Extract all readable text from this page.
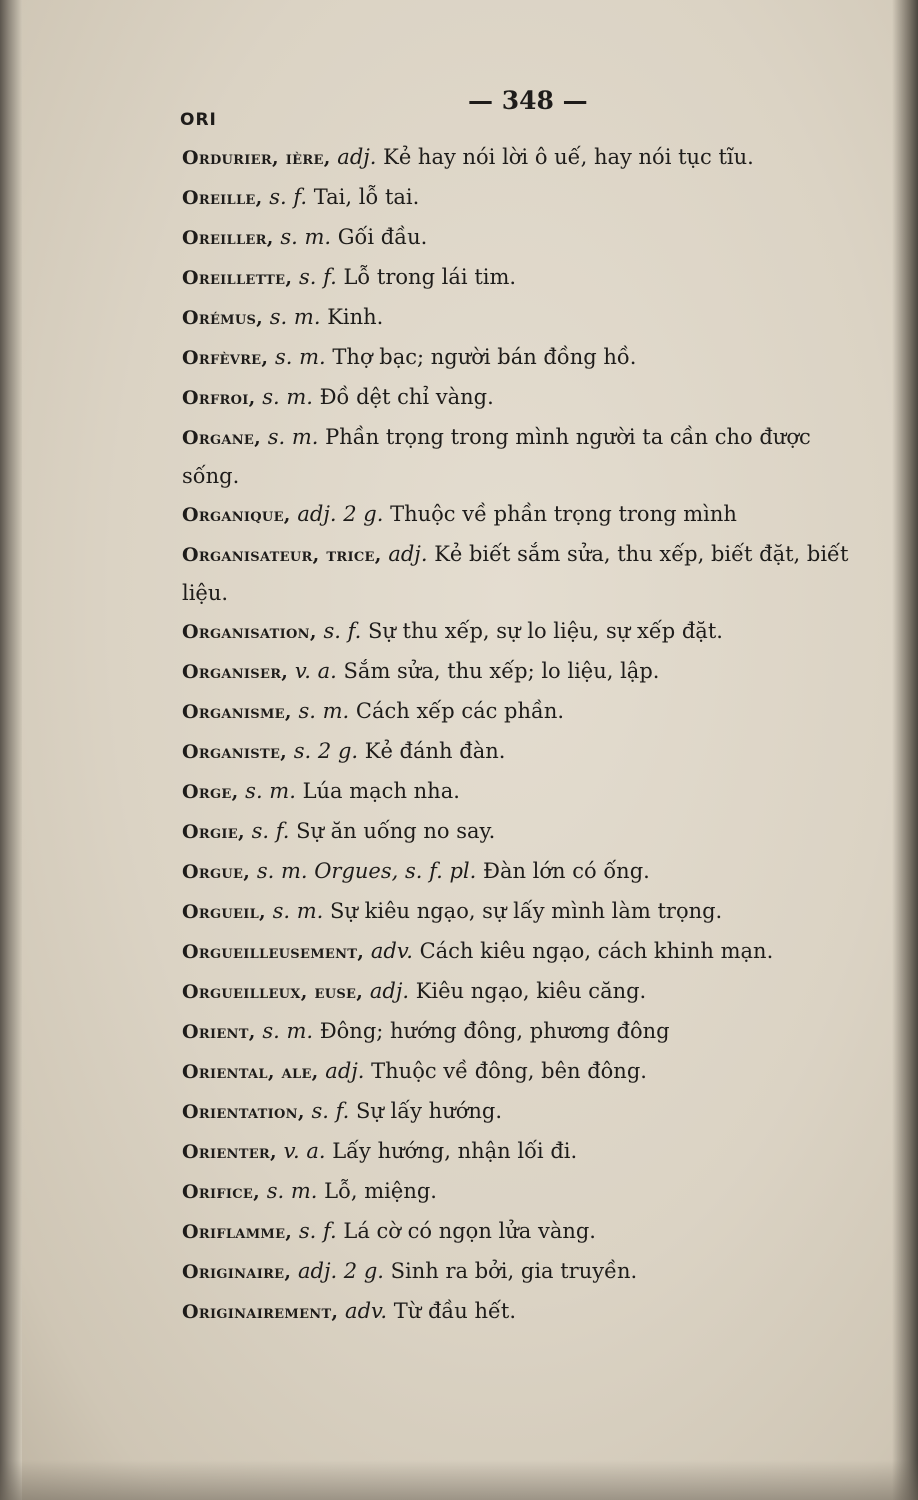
ORI
— 348 —

Ordurier, ière, adj. Kẻ hay nói lời ô uế, hay nói tục tĩu.

Oreille, s. f. Tai, lỗ tai.

Oreiller, s. m. Gối đầu.

Oreillette, s. f. Lỗ trong lái tim.

Orémus, s. m. Kinh.

Orfèvre, s. m. Thợ bạc; người bán đồng hồ.

Orfroi, s. m. Đồ dệt chỉ vàng.

Organe, s. m. Phần trọng trong mình người ta cần cho được sống.

Organique, adj. 2 g. Thuộc về phần trọng trong mình

Organisateur, trice, adj. Kẻ biết sắm sửa, thu xếp, biết đặt, biết liệu.

Organisation, s. f. Sự thu xếp, sự lo liệu, sự xếp đặt.

Organiser, v. a. Sắm sửa, thu xếp; lo liệu, lập.

Organisme, s. m. Cách xếp các phần.

Organiste, s. 2 g. Kẻ đánh đàn.

Orge, s. m. Lúa mạch nha.

Orgie, s. f. Sự ăn uống no say.

Orgue, s. m. Orgues, s. f. pl. Đàn lớn có ống.

Orgueil, s. m. Sự kiêu ngạo, sự lấy mình làm trọng.

Orgueilleusement, adv. Cách kiêu ngạo, cách khinh mạn.

Orgueilleux, euse, adj. Kiêu ngạo, kiêu căng.

Orient, s. m. Đông; hướng đông, phương đông

Oriental, ale, adj. Thuộc về đông, bên đông.

Orientation, s. f. Sự lấy hướng.

Orienter, v. a. Lấy hướng, nhận lối đi.

Orifice, s. m. Lỗ, miệng.

Oriflamme, s. f. Lá cờ có ngọn lửa vàng.

Originaire, adj. 2 g. Sinh ra bởi, gia truyền.

Originairement, adv. Từ đầu hết.
